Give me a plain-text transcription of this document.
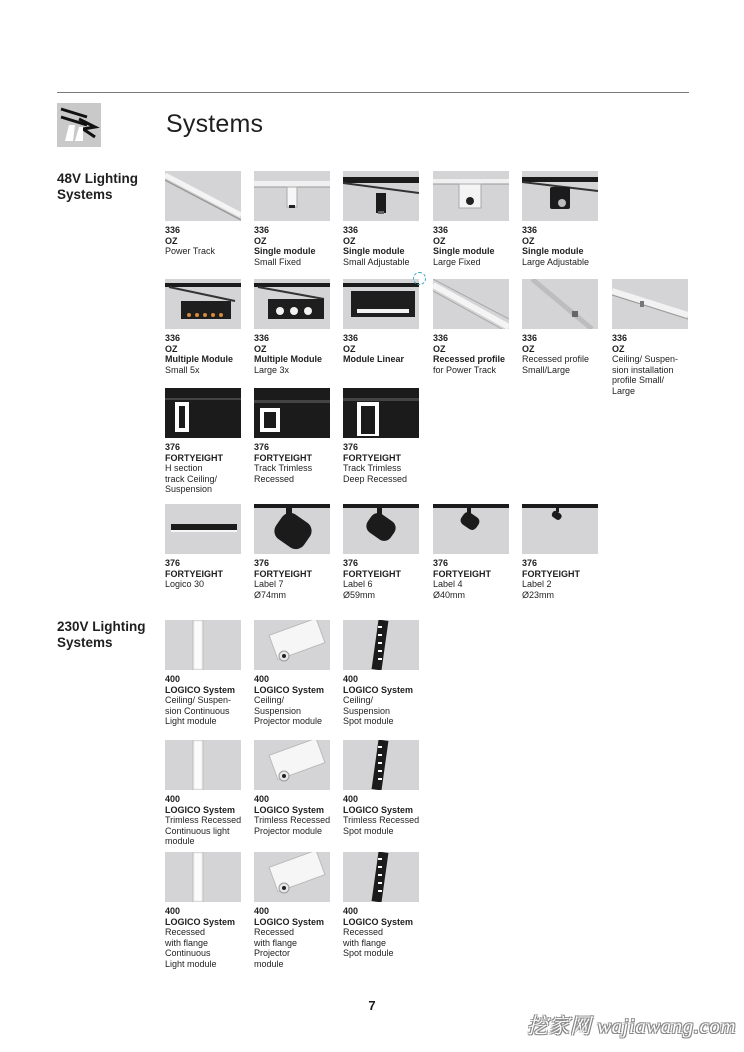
Systems
48V Lighting
Systems
230V Lighting
Systems
336
OZ
Power Track
336
OZ
Single module
Small Fixed
336
OZ
Single module
Small Adjustable
336
OZ
Single module
Large Fixed
336
OZ
Single module
Large Adjustable
336
OZ
Multiple Module
Small 5x
336
OZ
Multiple Module
Large 3x
336
OZ
Module Linear
336
OZ
Recessed profile
for Power Track
336
OZ
Recessed profile
Small/Large
336
OZ
Ceiling/ Suspen-
sion installation
profile Small/
Large
376
FORTYEIGHT
H section
track Ceiling/
Suspension
376
FORTYEIGHT
Track Trimless
Recessed
376
FORTYEIGHT
Track Trimless
Deep Recessed
376
FORTYEIGHT
Logico 30
376
FORTYEIGHT
Label 7
Ø74mm
376
FORTYEIGHT
Label 6
Ø59mm
376
FORTYEIGHT
Label 4
Ø40mm
376
FORTYEIGHT
Label 2
Ø23mm
400
LOGICO System
Ceiling/ Suspen-
sion Continuous
Light module
400
LOGICO System
Ceiling/
Suspension
Projector module
400
LOGICO System
Ceiling/
Suspension
Spot module
400
LOGICO System
Trimless Recessed
Continuous light
module
400
LOGICO System
Trimless Recessed
Projector module
400
LOGICO System
Trimless Recessed
Spot module
400
LOGICO System
Recessed
with flange
Continuous
Light module
400
LOGICO System
Recessed
with flange
Projector
module
400
LOGICO System
Recessed
with flange
Spot module
7
挖家网 wajiawang.com
